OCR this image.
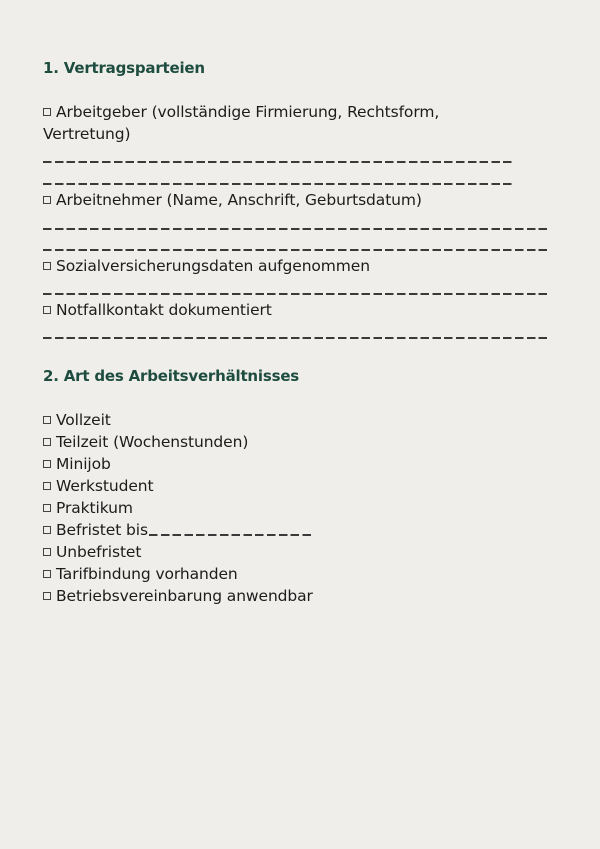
1. Vertragsparteien
Arbeitgeber (vollständige Firmierung, Rechtsform, Vertretung)
Arbeitnehmer (Name, Anschrift, Geburtsdatum)
Sozialversicherungsdaten aufgenommen
Notfallkontakt dokumentiert
2. Art des Arbeitsverhältnisses
Vollzeit
Teilzeit (Wochenstunden)
Minijob
Werkstudent
Praktikum
Befristet bis
Unbefristet
Tarifbindung vorhanden
Betriebsvereinbarung anwendbar
